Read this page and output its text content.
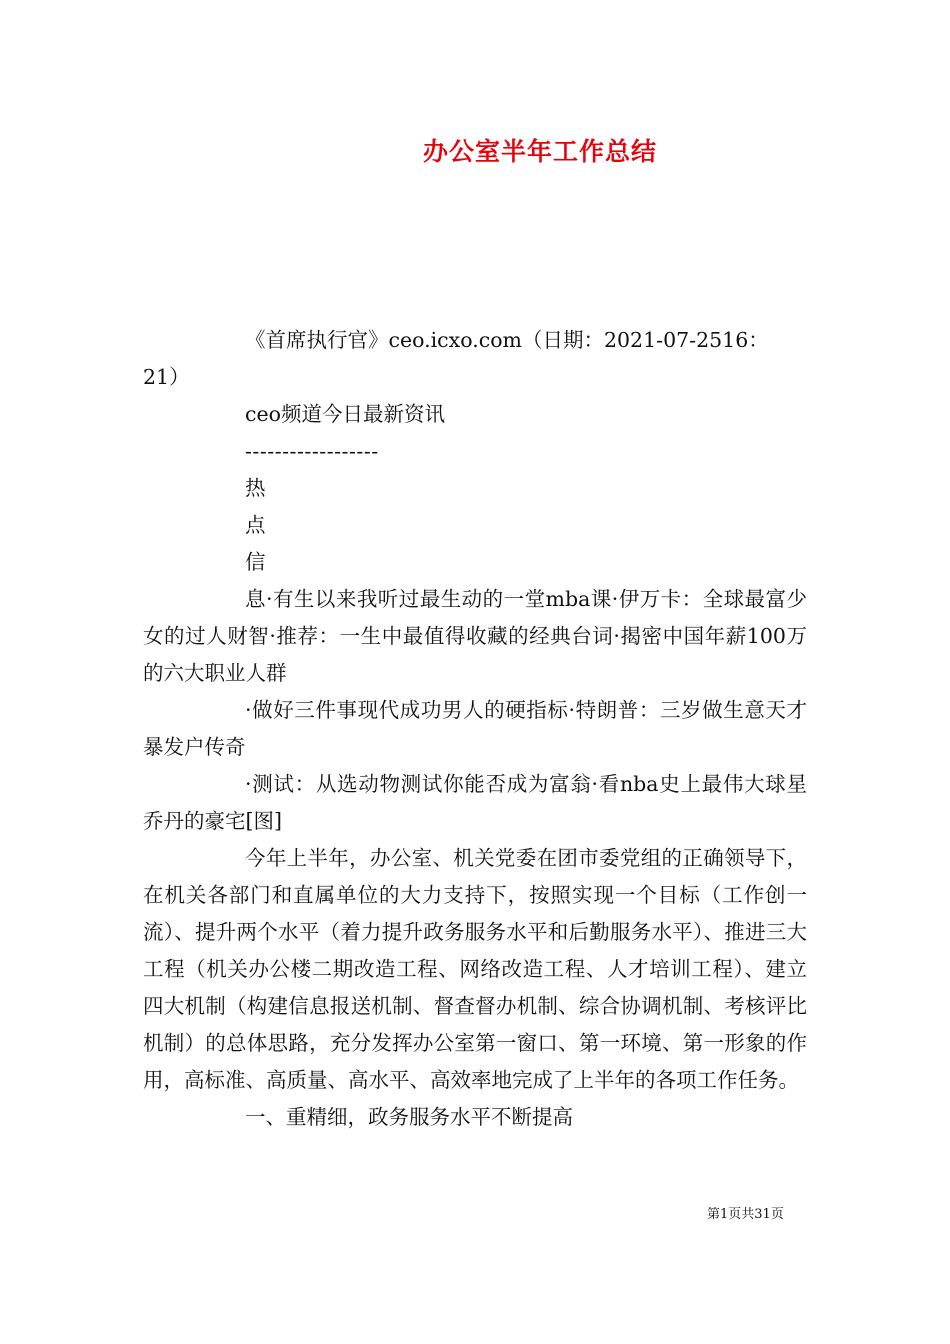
办公室半年工作总结

《首席执行官》ceo.icxo.com（日期：2021-07-2516：
21）

ceo频道今日最新资讯

------------------

热

点

信

息·有生以来我听过最生动的一堂mba课·伊万卡：全球最富少女的过人财智·推荐：一生中最值得收藏的经典台词·揭密中国年薪100万的六大职业人群

·做好三件事现代成功男人的硬指标·特朗普：三岁做生意天才暴发户传奇

·测试：从选动物测试你能否成为富翁·看nba史上最伟大球星乔丹的豪宅[图]

今年上半年，办公室、机关党委在团市委党组的正确领导下，在机关各部门和直属单位的大力支持下，按照实现一个目标（工作创一流）、提升两个水平（着力提升政务服务水平和后勤服务水平）、推进三大工程（机关办公楼二期改造工程、网络改造工程、人才培训工程）、建立四大机制（构建信息报送机制、督查督办机制、综合协调机制、考核评比机制）的总体思路，充分发挥办公室第一窗口、第一环境、第一形象的作用，高标准、高质量、高水平、高效率地完成了上半年的各项工作任务。

一、重精细，政务服务水平不断提高

第1页共31页
